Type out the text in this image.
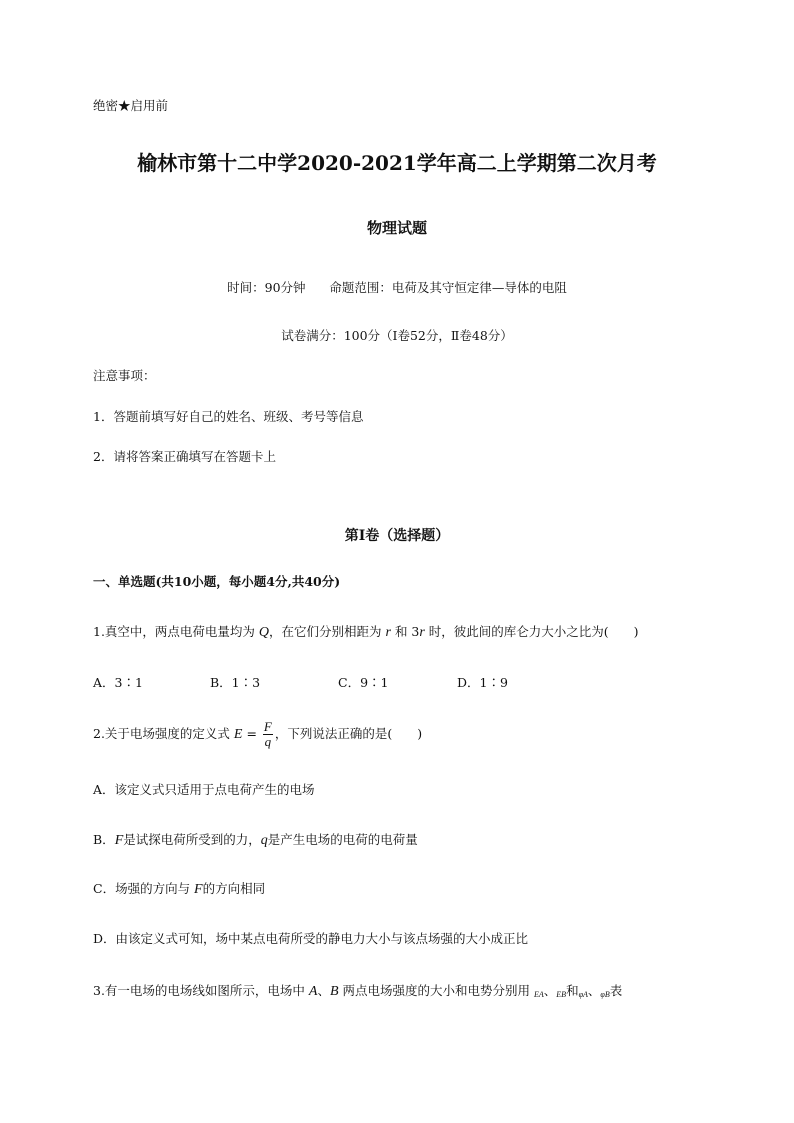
绝密★启用前
榆林市第十二中学2020-2021学年高二上学期第二次月考
物理试题
时间：90分钟      命题范围：电荷及其守恒定律—导体的电阻
试卷满分：100分（Ⅰ卷52分，Ⅱ卷48分）
注意事项：
1．答题前填写好自己的姓名、班级、考号等信息
2．请将答案正确填写在答题卡上
第Ⅰ卷（选择题）
一、单选题(共10小题，每小题4分,共40分)
1.真空中，两点电荷电量均为 Q，在它们分别相距为 r 和 3r 时，彼此间的库仑力大小之比为(　　)
A．3∶1	B．1∶3	C．9∶1	D．1∶9
2.关于电场强度的定义式 $E = \frac{F}{q}$ ，下列说法正确的是(　　)
A．该定义式只适用于点电荷产生的电场
B．F是试探电荷所受到的力，q是产生电场的电荷的电荷量
C．场强的方向与 F的方向相同
D．由该定义式可知，场中某点电荷所受的静电力大小与该点场强的大小成正比
3.有一电场的电场线如图所示，电场中 A、B 两点电场强度的大小和电势分别用 $_{EA}$、$_{EB}$和$_{\varphi A}$、$_{\varphi B}$表
